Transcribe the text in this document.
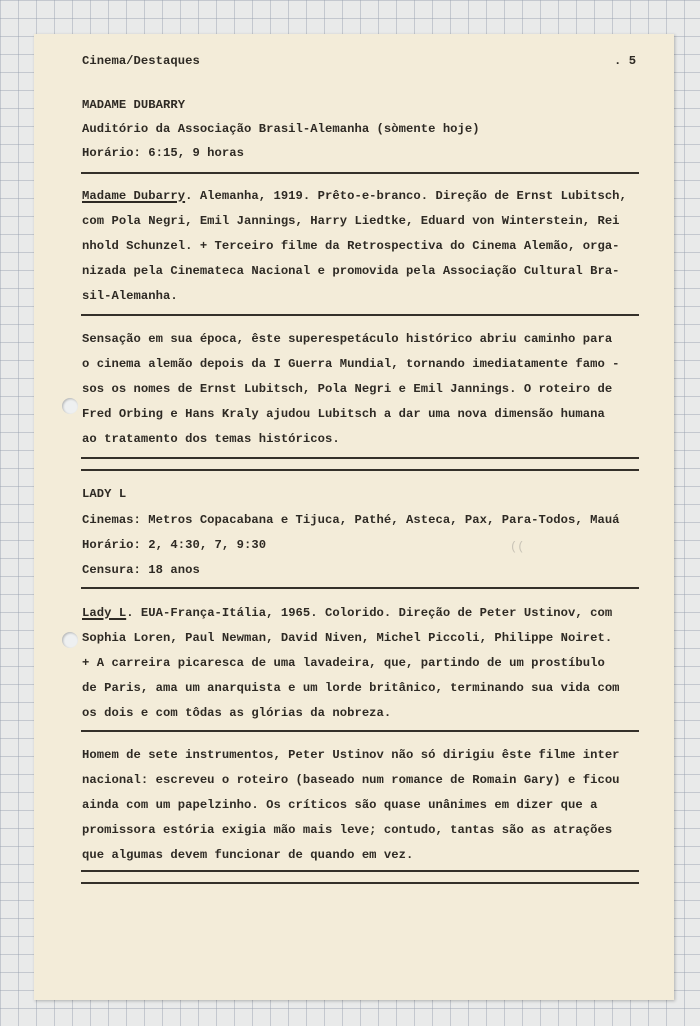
Cinema/Destaques	. 5
MADAME DUBARRY
Auditório da Associação Brasil-Alemanha (sòmente hoje)
Horário: 6:15, 9 horas
Madame Dubarry. Alemanha, 1919. Prêto-e-branco. Direção de Ernst Lubitsch,
com Pola Negri, Emil Jannings, Harry Liedtke, Eduard von Winterstein, Rei
nhold Schunzel. + Terceiro filme da Retrospectiva do Cinema Alemão, orga-
nizada pela Cinemateca Nacional e promovida pela Associação Cultural Bra-
sil-Alemanha.
Sensação em sua época, êste superespetáculo histórico abriu caminho para
o cinema alemão depois da I Guerra Mundial, tornando imediatamente famo -
sos os nomes de Ernst Lubitsch, Pola Negri e Emil Jannings. O roteiro de
Fred Orbing e Hans Kraly ajudou Lubitsch a dar uma nova dimensão humana
ao tratamento dos temas históricos.
LADY L
Cinemas: Metros Copacabana e Tijuca, Pathé, Asteca, Pax, Para-Todos, Mauá
Horário: 2, 4:30, 7, 9:30
Censura: 18 anos
((
Lady L. EUA-França-Itália, 1965. Colorido. Direção de Peter Ustinov, com
Sophia Loren, Paul Newman, David Niven, Michel Piccoli, Philippe Noiret.
+ A carreira picaresca de uma lavadeira, que, partindo de um prostíbulo
de Paris, ama um anarquista e um lorde britânico, terminando sua vida com
os dois e com tôdas as glórias da nobreza.
Homem de sete instrumentos, Peter Ustinov não só dirigiu êste filme inter
nacional: escreveu o roteiro (baseado num romance de Romain Gary) e ficou
ainda com um papelzinho. Os críticos são quase unânimes em dizer que a
promissora estória exigia mão mais leve; contudo, tantas são as atrações
que algumas devem funcionar de quando em vez.
